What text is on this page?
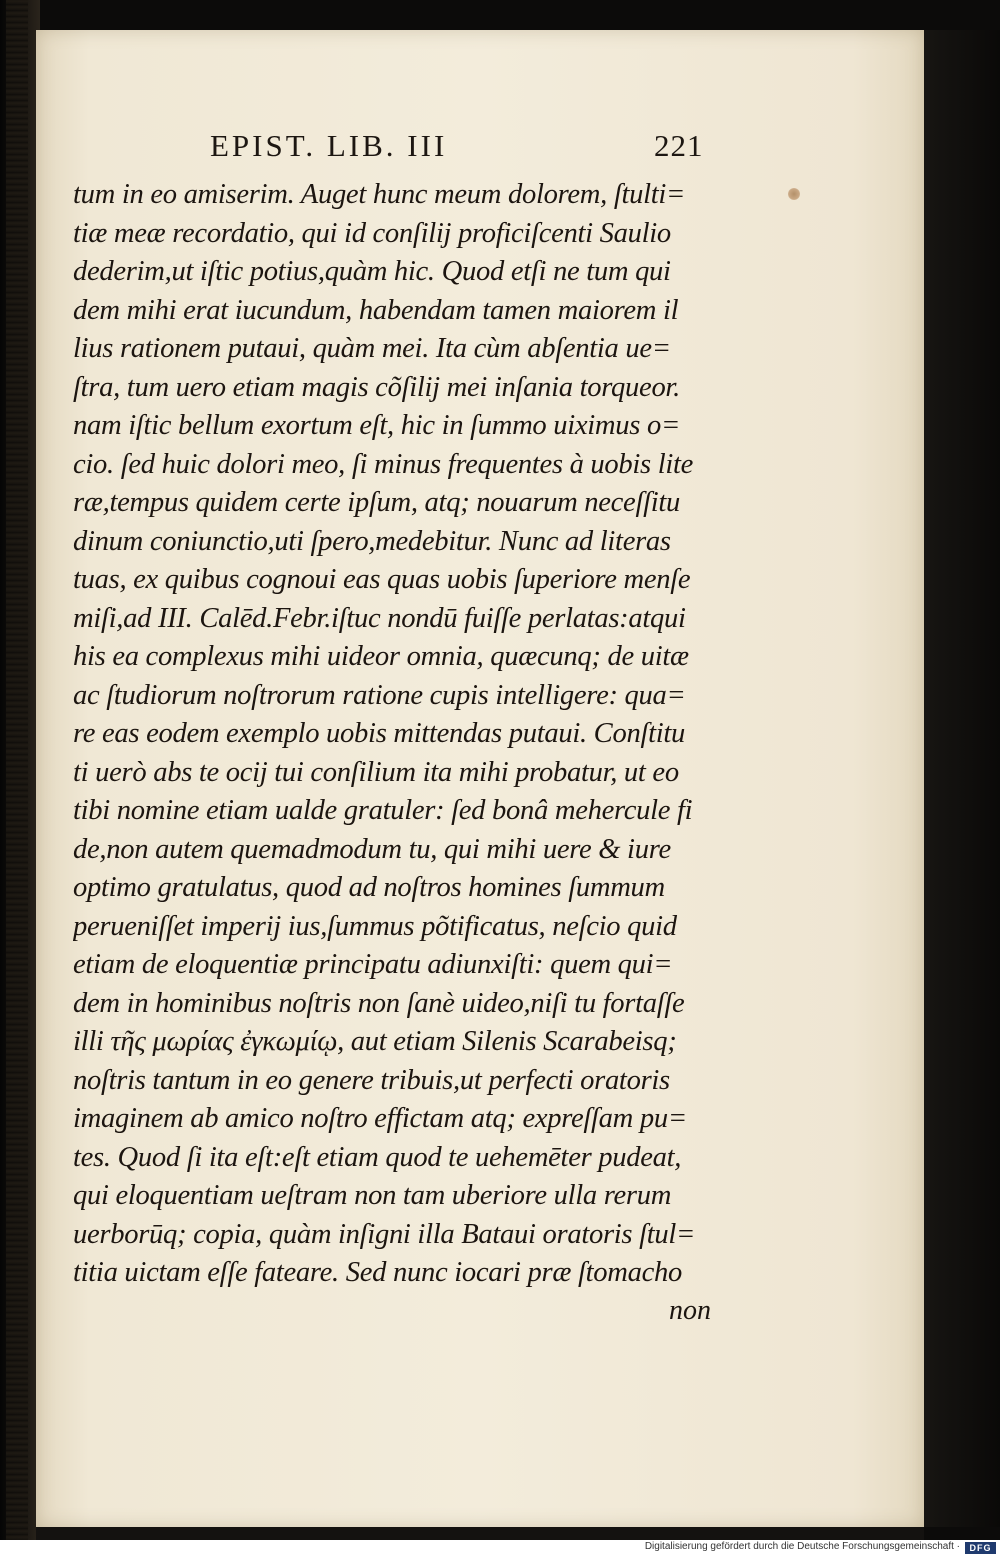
EPIST. LIB. III	221
tum in eo amiserim. Auget hunc meum dolorem, ſtulti=
tiæ meæ recordatio, qui id conſilij proficiſcenti Saulio
dederim,ut iſtic potius,quàm hic. Quod etſi ne tum qui
dem mihi erat iucundum, habendam tamen maiorem il
lius rationem putaui, quàm mei. Ita cùm abſentia ue=
ſtra, tum uero etiam magis cõſilij mei inſania torqueor.
nam iſtic bellum exortum eſt, hic in ſummo uiximus o=
cio. ſed huic dolori meo, ſi minus frequentes à uobis lite
ræ,tempus quidem certe ipſum, atq; nouarum neceſſitu
dinum coniunctio,uti ſpero,medebitur. Nunc ad literas
tuas, ex quibus cognoui eas quas uobis ſuperiore menſe
miſi,ad III. Calēd.Febr.iſtuc nondū fuiſſe perlatas:atqui
his ea complexus mihi uideor omnia, quæcunq; de uitæ
ac ſtudiorum noſtrorum ratione cupis intelligere: qua=
re eas eodem exemplo uobis mittendas putaui. Conſtitu
ti uerò abs te ocij tui conſilium ita mihi probatur, ut eo
tibi nomine etiam ualde gratuler: ſed bonâ mehercule fi
de,non autem quemadmodum tu, qui mihi uere & iure
optimo gratulatus, quod ad noſtros homines ſummum
perueniſſet imperij ius,ſummus põtificatus, neſcio quid
etiam de eloquentiæ principatu adiunxiſti: quem qui=
dem in hominibus noſtris non ſanè uideo,niſi tu fortaſſe
illi τῆς μωρίας ἐγκωμίῳ, aut etiam Silenis Scarabeisq;
noſtris tantum in eo genere tribuis,ut perfecti oratoris
imaginem ab amico noſtro effictam atq; expreſſam pu=
tes. Quod ſi ita eſt:eſt etiam quod te uehemēter pudeat,
qui eloquentiam ueſtram non tam uberiore ulla rerum
uerborūq; copia, quàm inſigni illa Bataui oratoris ſtul=
titia uictam eſſe fateare. Sed nunc iocari præ ſtomacho
non
Digitalisierung gefördert durch die Deutsche Forschungsgemeinschaft ·	DFG
